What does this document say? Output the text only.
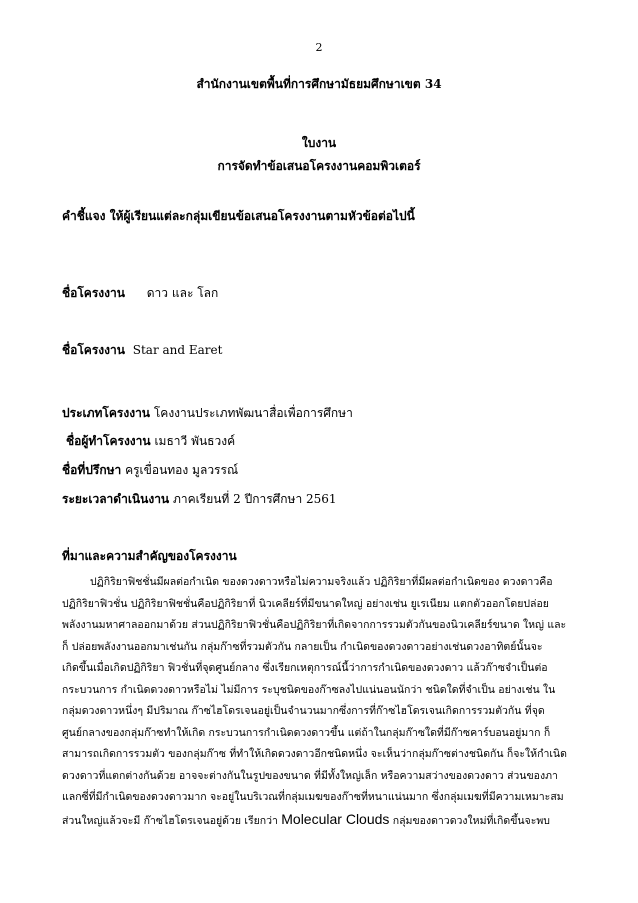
2
สำนักงานเขตพื้นที่การศึกษามัธยมศึกษาเขต 34
ใบงาน
การจัดทำข้อเสนอโครงงานคอมพิวเตอร์
คำชี้แจง ให้ผู้เรียนแต่ละกลุ่มเขียนข้อเสนอโครงงานตามหัวข้อต่อไปนี้
ชื่อโครงงาน ดาว และ โลก
ชื่อโครงงาน Star and Earet
ประเภทโครงงาน โคงงานประเภทพัฒนาสื่อเพื่อการศึกษา
ชื่อผู้ทำโครงงาน เมธาวี พันธวงค์
ชื่อที่ปรึกษา ครูเขื่อนทอง มูลวรรณ์
ระยะเวลาดำเนินงาน ภาคเรียนที่ 2 ปีการศึกษา 2561
ที่มาและความสำคัญของโครงงาน
ปฏิกิริยาฟิชชั่นมีผลต่อกำเนิด ของดวงดาวหรือไม่ความจริงแล้ว ปฏิกิริยาที่มีผลต่อกำเนิดของ ดวงดาวคือ
ปฏิกิริยาฟิวชั่น ปฏิกิริยาฟิชชั่นคือปฏิกิริยาที่ นิวเคลียร์ที่มีขนาดใหญ่ อย่างเช่น ยูเรเนียม แตกตัวออกโดยปล่อย
พลังงานมหาศาลออกมาด้วย ส่วนปฏิกิริยาฟิวชั่นคือปฏิกิริยาที่เกิดจากการรวมตัวกันของนิวเคลียร์ขนาด ใหญ่ และ
ก็ ปล่อยพลังงานออกมาเช่นกัน กลุ่มก๊าซที่รวมตัวกัน กลายเป็น กำเนิดของดวงดาวอย่างเช่นดวงอาทิตย์นั้นจะ
เกิดขึ้นเมื่อเกิดปฏิกิริยา ฟิวชั่นที่จุดศูนย์กลาง ซึ่งเรียกเหตุการณ์นี้ว่าการกำเนิดของดวงดาว แล้วก๊าซจำเป็นต่อ
กระบวนการ กำเนิดดวงดาวหรือไม่ ไม่มีการ ระบุชนิดของก๊าซลงไปแน่นอนนักว่า ชนิดใดที่จำเป็น อย่างเช่น ใน
กลุ่มดวงดาวหนึ่งๆ มีปริมาณ ก๊าซไฮโดรเจนอยู่เป็นจำนวนมากซึ่งการที่ก๊าซไฮโดรเจนเกิดการรวมตัวกัน ที่จุด
ศูนย์กลางของกลุ่มก๊าซทำให้เกิด กระบวนการกำเนิดดวงดาวขึ้น แต่ถ้าในกลุ่มก๊าซใดที่มีก๊าซคาร์บอนอยู่มาก ก็
สามารถเกิดการรวมตัว ของกลุ่มก๊าซ ที่ทำให้เกิดดวงดาวอีกชนิดหนึ่ง จะเห็นว่ากลุ่มก๊าซต่างชนิดกัน ก็จะให้กำเนิด
ดวงดาวที่แตกต่างกันด้วย อาจจะต่างกันในรูปของขนาด ที่มีทั้งใหญ่เล็ก หรือความสว่างของดวงดาว ส่วนของภา
แลกซี่ที่มีกำเนิดของดวงดาวมาก จะอยู่ในบริเวณที่กลุ่มเมฆของก๊าซที่หนาแน่นมาก ซึ่งกลุ่มเมฆที่มีความเหมาะสม
ส่วนใหญ่แล้วจะมี ก๊าซไฮโดรเจนอยู่ด้วย เรียกว่า Molecular Clouds กลุ่มของดาวดวงใหม่ที่เกิดขึ้นจะพบ
